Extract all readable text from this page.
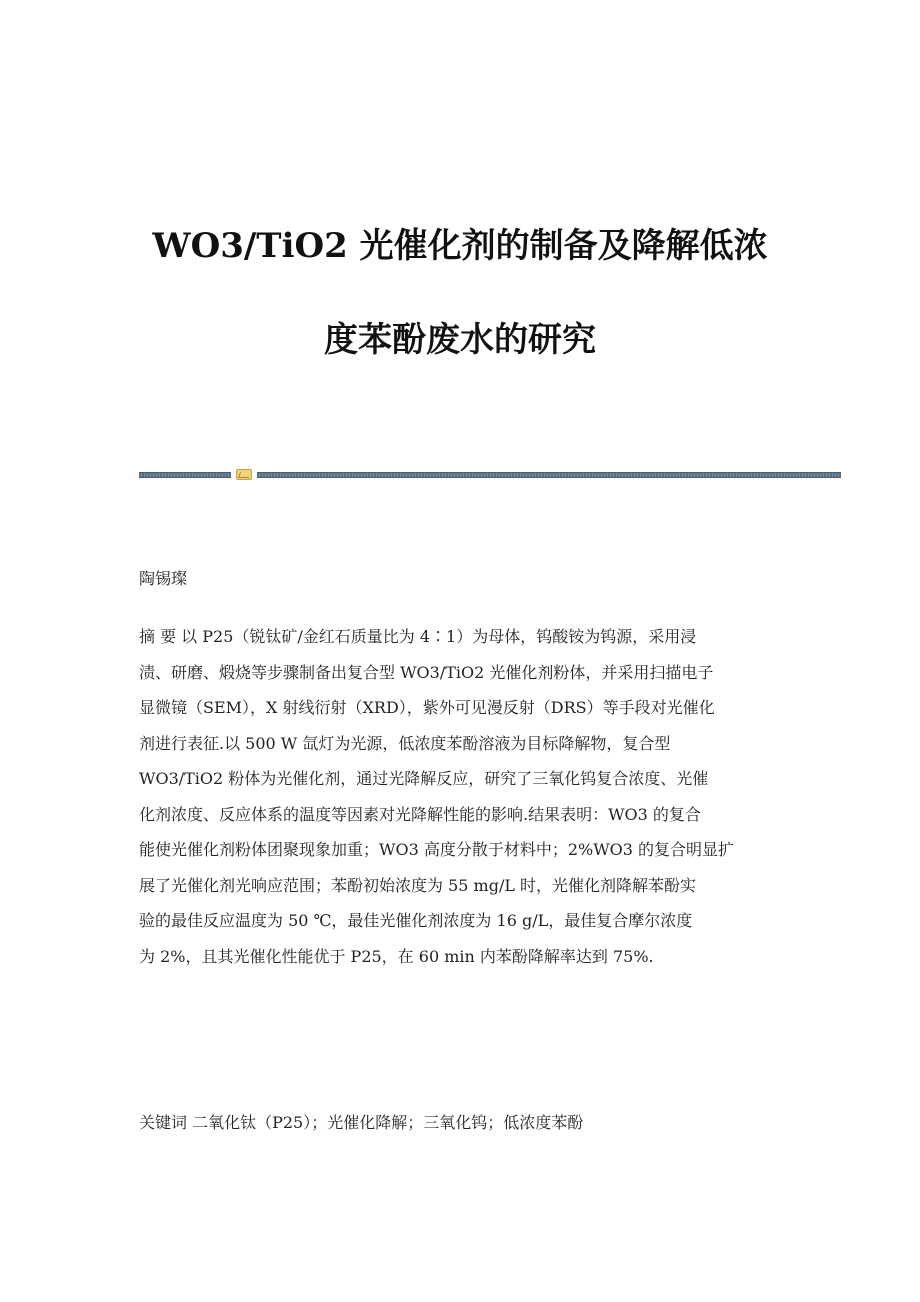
WO3/TiO2 光催化剂的制备及降解低浓
度苯酚废水的研究
陶锡璨
摘 要 以 P25（锐钛矿/金红石质量比为 4∶1）为母体，钨酸铵为钨源，采用浸
渍、研磨、煅烧等步骤制备出复合型 WO3/TiO2 光催化剂粉体，并采用扫描电子
显微镜（SEM），X 射线衍射（XRD），紫外可见漫反射（DRS）等手段对光催化
剂进行表征.以 500 W 氙灯为光源，低浓度苯酚溶液为目标降解物，复合型
WO3/TiO2 粉体为光催化剂，通过光降解反应，研究了三氧化钨复合浓度、光催
化剂浓度、反应体系的温度等因素对光降解性能的影响.结果表明：WO3 的复合
能使光催化剂粉体团聚现象加重；WO3 高度分散于材料中；2%WO3 的复合明显扩
展了光催化剂光响应范围；苯酚初始浓度为 55 mg/L 时，光催化剂降解苯酚实
验的最佳反应温度为 50 ℃，最佳光催化剂浓度为 16 g/L，最佳复合摩尔浓度
为 2%，且其光催化性能优于 P25，在 60 min 内苯酚降解率达到 75%.
关键词 二氧化钛（P25）；光催化降解；三氧化钨；低浓度苯酚
